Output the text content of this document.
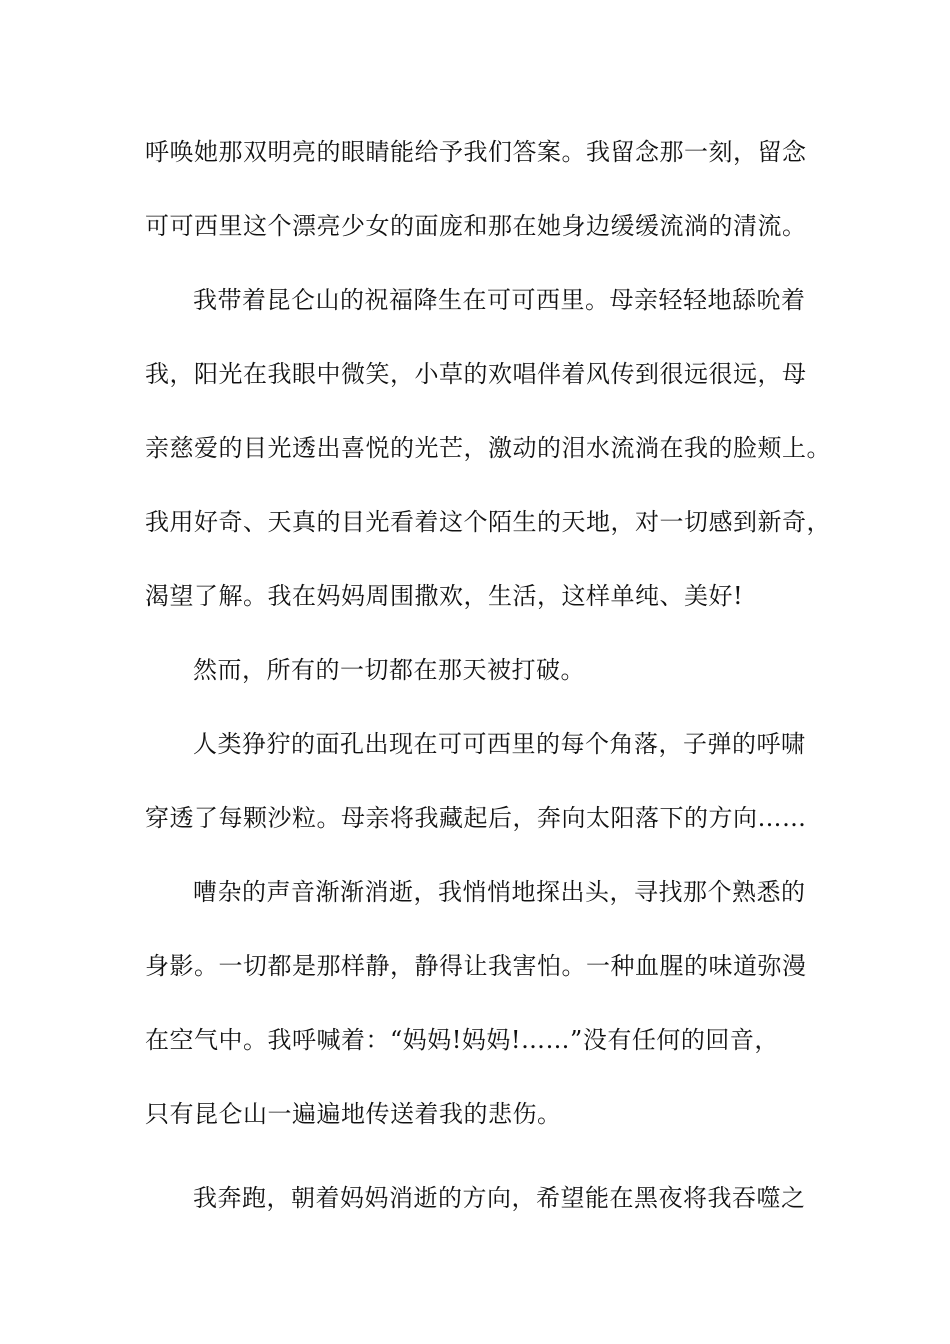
呼唤她那双明亮的眼睛能给予我们答案。我留念那一刻，留念
可可西里这个漂亮少女的面庞和那在她身边缓缓流淌的清流。
我带着昆仑山的祝福降生在可可西里。母亲轻轻地舔吮着
我，阳光在我眼中微笑，小草的欢唱伴着风传到很远很远，母
亲慈爱的目光透出喜悦的光芒，激动的泪水流淌在我的脸颊上。
我用好奇、天真的目光看着这个陌生的天地，对一切感到新奇，
渴望了解。我在妈妈周围撒欢，生活，这样单纯、美好!
然而，所有的一切都在那天被打破。
人类狰狞的面孔出现在可可西里的每个角落，子弹的呼啸
穿透了每颗沙粒。母亲将我藏起后，奔向太阳落下的方向……
嘈杂的声音渐渐消逝，我悄悄地探出头，寻找那个熟悉的
身影。一切都是那样静，静得让我害怕。一种血腥的味道弥漫
在空气中。我呼喊着：“妈妈!妈妈!……”没有任何的回音，
只有昆仑山一遍遍地传送着我的悲伤。
我奔跑，朝着妈妈消逝的方向，希望能在黑夜将我吞噬之
